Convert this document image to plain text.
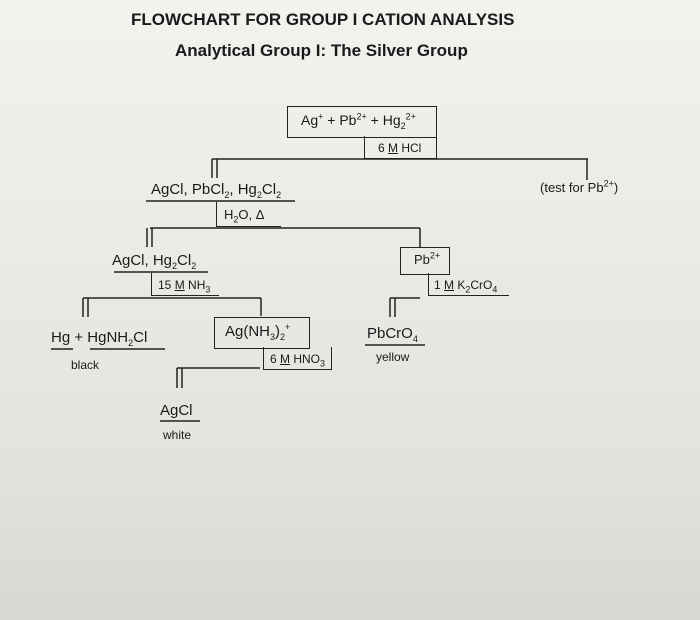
FLOWCHART FOR GROUP I CATION ANALYSIS
Analytical Group I: The Silver Group
$Ag^+ + Pb^{2+} + Hg_2^{2+}$
6 M HCl
AgCl, PbCl$_2$, $Hg_2Cl_2$
$H_2O$, Δ
(test for $Pb^{2+}$)
AgCl, $Hg_2Cl_2$
15 M $NH_3$
$Pb^{2+}$
1 M $K_2CrO_4$
Hg + HgNH$_2$Cl
black
$Ag(NH_3)_2^+$
6 M $HNO_3$
PbCrO$_4$
yellow
AgCl
white
